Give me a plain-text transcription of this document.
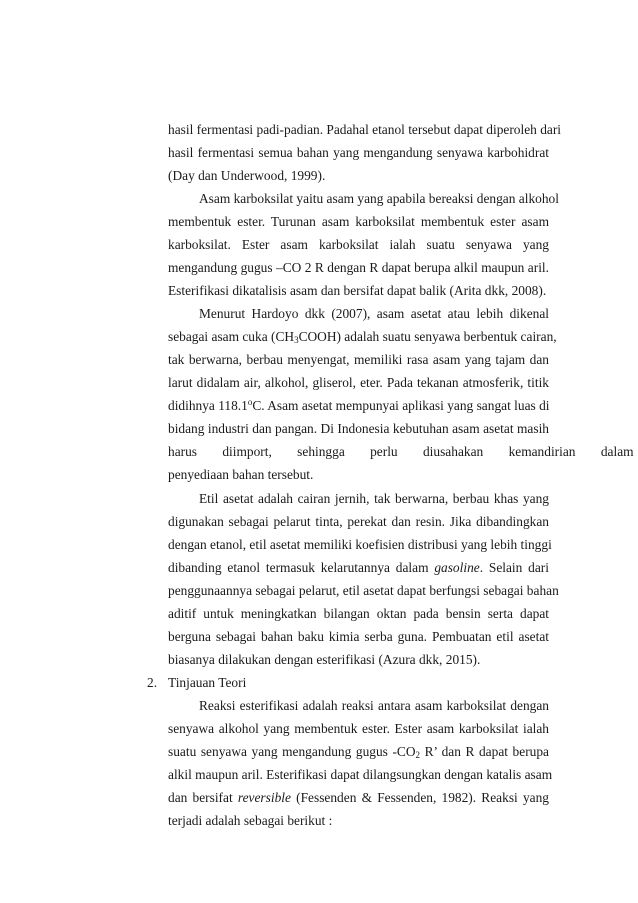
hasil fermentasi padi-padian. Padahal etanol tersebut dapat diperoleh dari
hasil fermentasi semua bahan yang mengandung senyawa karbohidrat
(Day dan Underwood, 1999).
Asam karboksilat yaitu asam yang apabila bereaksi dengan alkohol
membentuk ester. Turunan asam karboksilat membentuk ester asam
karboksilat. Ester asam karboksilat ialah suatu senyawa yang
mengandung gugus –CO 2 R dengan R dapat berupa alkil maupun aril.
Esterifikasi dikatalisis asam dan bersifat dapat balik (Arita dkk, 2008).
Menurut Hardoyo dkk (2007), asam asetat atau lebih dikenal
sebagai asam cuka $(CH_3COOH)$ adalah suatu senyawa berbentuk cairan,
tak berwarna, berbau menyengat, memiliki rasa asam yang tajam dan
larut didalam air, alkohol, gliserol, eter. Pada tekanan atmosferik, titik
didihnya 118.1$^o$C. Asam asetat mempunyai aplikasi yang sangat luas di
bidang industri dan pangan. Di Indonesia kebutuhan asam asetat masih
harus diimport, sehingga perlu diusahakan kemandirian dalam
penyediaan bahan tersebut.
Etil asetat adalah cairan jernih, tak berwarna, berbau khas yang
digunakan sebagai pelarut tinta, perekat dan resin. Jika dibandingkan
dengan etanol, etil asetat memiliki koefisien distribusi yang lebih tinggi
dibanding etanol termasuk kelarutannya dalam gasoline. Selain dari
penggunaannya sebagai pelarut, etil asetat dapat berfungsi sebagai bahan
aditif untuk meningkatkan bilangan oktan pada bensin serta dapat
berguna sebagai bahan baku kimia serba guna. Pembuatan etil asetat
biasanya dilakukan dengan esterifikasi (Azura dkk, 2015).
2. Tinjauan Teori
Reaksi esterifikasi adalah reaksi antara asam karboksilat dengan
senyawa alkohol yang membentuk ester. Ester asam karboksilat ialah
suatu senyawa yang mengandung gugus $-CO_2$ R’ dan R dapat berupa
alkil maupun aril. Esterifikasi dapat dilangsungkan dengan katalis asam
dan bersifat reversible (Fessenden & Fessenden, 1982). Reaksi yang
terjadi adalah sebagai berikut :
